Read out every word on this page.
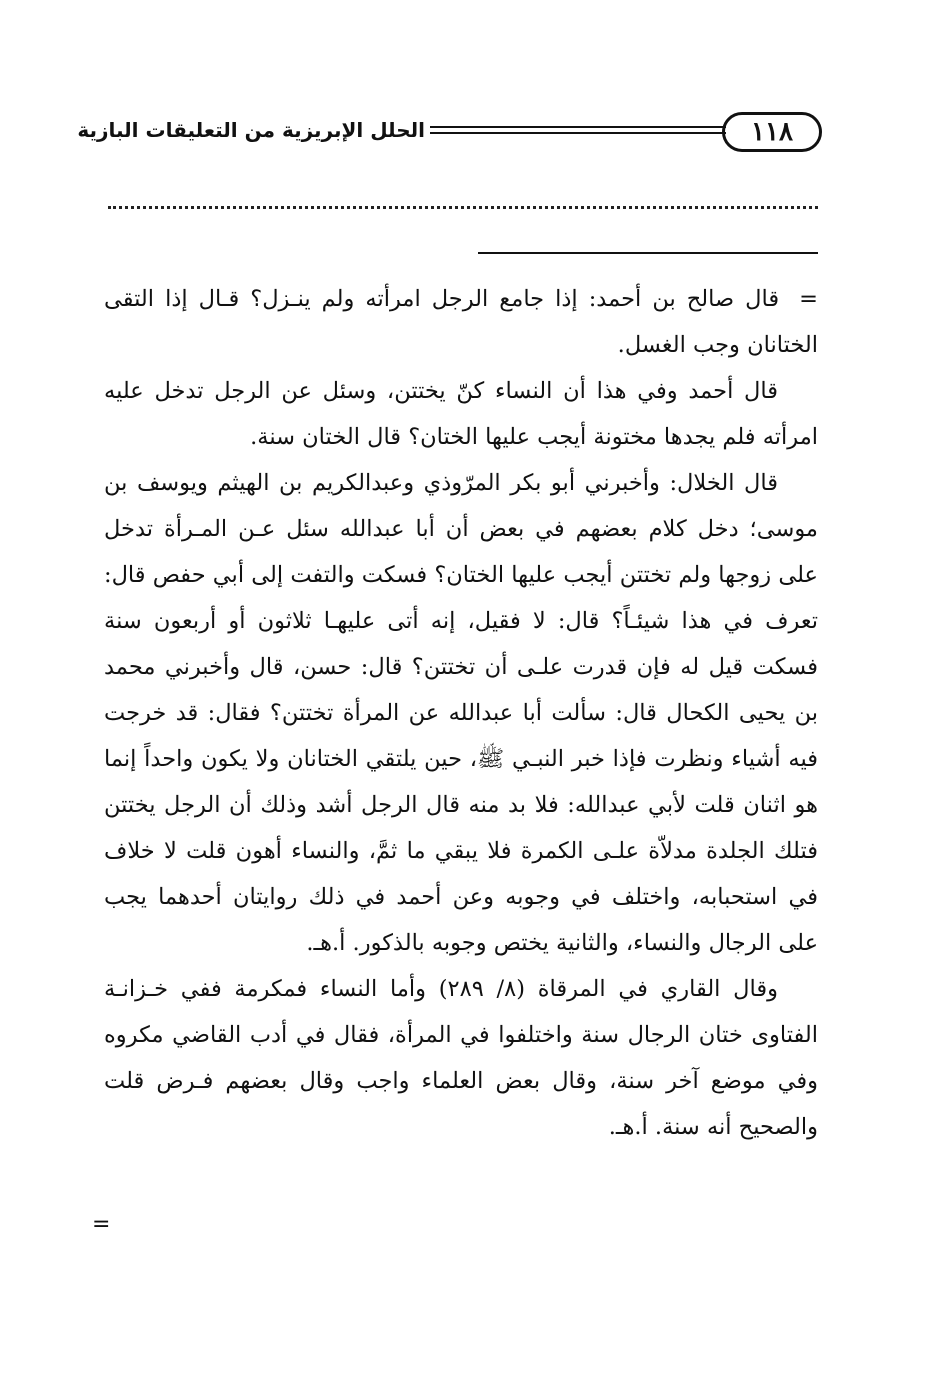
١١٨
الحلل الإبريزية من التعليقات البازية

=قال صالح بن أحمد: إذا جامع الرجل امرأته ولم ينـزل؟ قـال إذا التقى الختانان وجب الغسل.

قال أحمد وفي هذا أن النساء كنّ يختتن، وسئل عن الرجل تدخل عليه امرأته فلم يجدها مختونة أيجب عليها الختان؟ قال الختان سنة.

قال الخلال: وأخبرني أبو بكر المرّوذي وعبدالكريم بن الهيثم ويوسف بن موسى؛ دخل كلام بعضهم في بعض أن أبا عبدالله سئل عـن المـرأة تدخل على زوجها ولم تختتن أيجب عليها الختان؟ فسكت والتفت إلى أبي حفص قال: تعرف في هذا شيئـاً؟ قال: لا فقيل، إنه أتى عليهـا ثلاثون أو أربعون سنة فسكت قيل له فإن قدرت علـى أن تختتن؟ قال: حسن، قال وأخبرني محمد بن يحيى الكحال قال: سألت أبا عبدالله عن المرأة تختتن؟ فقال: قد خرجت فيه أشياء ونظرت فإذا خبر النبـي ﷺ، حين يلتقي الختانان ولا يكون واحداً إنما هو اثنان قلت لأبي عبدالله: فلا بد منه قال الرجل أشد وذلك أن الرجل يختتن فتلك الجلدة مدلاّة علـى الكمرة فلا يبقي ما ثمَّ، والنساء أهون قلت لا خلاف في استحبابه، واختلف في وجوبه وعن أحمد في ذلك روايتان أحدهما يجب على الرجال والنساء، والثانية يختص وجوبه بالذكور. أ.هـ.

وقال القاري في المرقاة (٨/ ٢٨٩) وأما النساء فمكرمة ففي خـزانـة الفتاوى ختان الرجال سنة واختلفوا في المرأة، فقال في أدب القاضي مكروه وفي موضع آخر سنة، وقال بعض العلماء واجب وقال بعضهم فـرض قلت والصحيح أنه سنة. أ.هـ.

=
